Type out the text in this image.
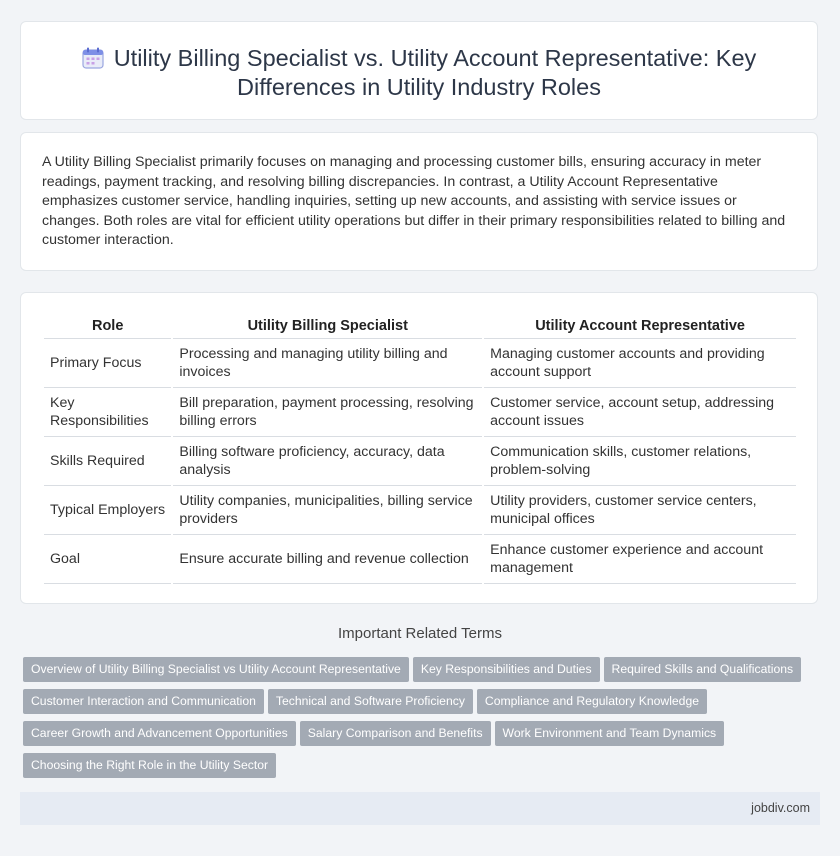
Utility Billing Specialist vs. Utility Account Representative: Key Differences in Utility Industry Roles

A Utility Billing Specialist primarily focuses on managing and processing customer bills, ensuring accuracy in meter readings, payment tracking, and resolving billing discrepancies. In contrast, a Utility Account Representative emphasizes customer service, handling inquiries, setting up new accounts, and assisting with service issues or changes. Both roles are vital for efficient utility operations but differ in their primary responsibilities related to billing and customer interaction.

Role	Utility Billing Specialist	Utility Account Representative
Primary Focus	Processing and managing utility billing and invoices	Managing customer accounts and providing account support
Key Responsibilities	Bill preparation, payment processing, resolving billing errors	Customer service, account setup, addressing account issues
Skills Required	Billing software proficiency, accuracy, data analysis	Communication skills, customer relations, problem-solving
Typical Employers	Utility companies, municipalities, billing service providers	Utility providers, customer service centers, municipal offices
Goal	Ensure accurate billing and revenue collection	Enhance customer experience and account management
Important Related Terms
Overview of Utility Billing Specialist vs Utility Account Representative Key Responsibilities and Duties Required Skills and Qualifications
Customer Interaction and Communication Technical and Software Proficiency Compliance and Regulatory Knowledge
Career Growth and Advancement Opportunities Salary Comparison and Benefits Work Environment and Team Dynamics
Choosing the Right Role in the Utility Sector
jobdiv.com
